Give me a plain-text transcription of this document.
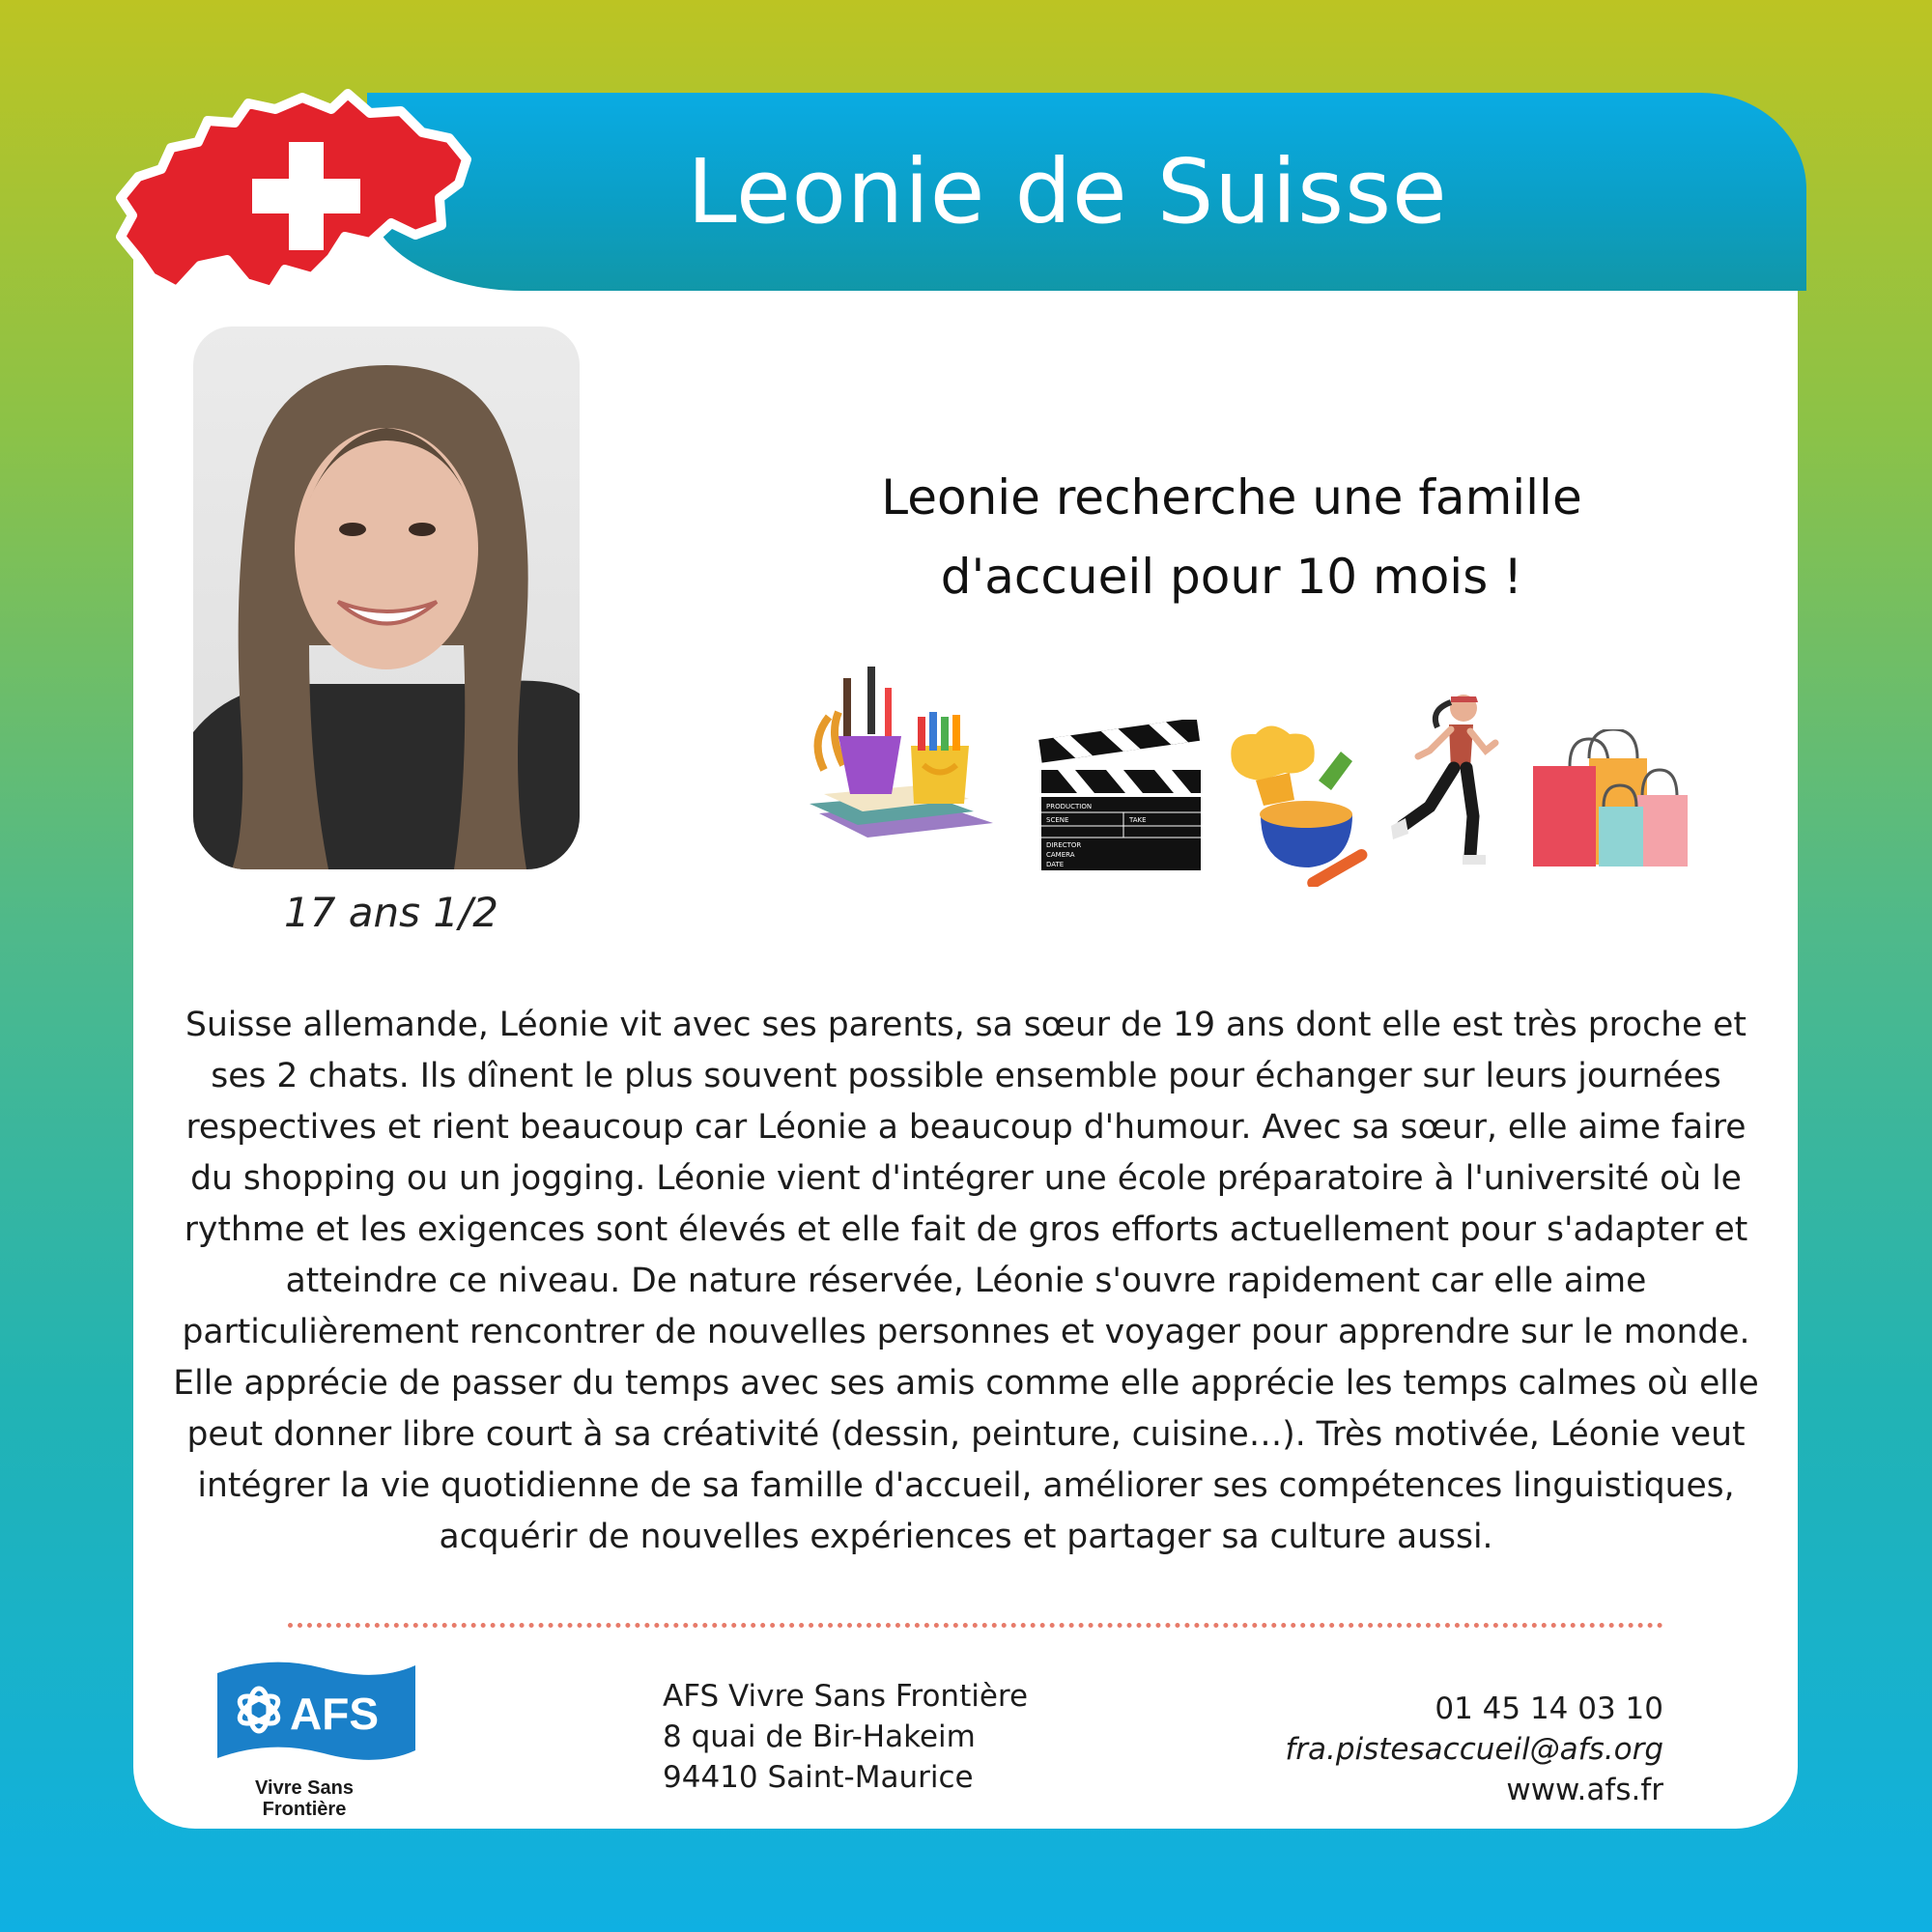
Leonie de Suisse
17 ans 1/2
Leonie recherche une famille
d'accueil pour 10 mois !
PRODUCTION
SCENE	TAKE
DIRECTOR
CAMERA
DATE
Suisse allemande, Léonie vit avec ses parents, sa sœur de 19 ans dont elle est très proche et ses 2 chats. Ils dînent le plus souvent possible ensemble pour échanger sur leurs journées respectives et rient beaucoup car Léonie a beaucoup d'humour. Avec sa sœur, elle aime faire du shopping ou un jogging. Léonie vient d'intégrer une école préparatoire à l'université où le rythme et les exigences sont élevés et elle fait de gros efforts actuellement pour s'adapter et atteindre ce niveau. De nature réservée, Léonie s'ouvre rapidement car elle aime particulièrement rencontrer de nouvelles personnes et voyager pour apprendre sur le monde. Elle apprécie de passer du temps avec ses amis comme elle apprécie les temps calmes où elle peut donner libre court à sa créativité (dessin, peinture, cuisine…). Très motivée, Léonie veut intégrer la vie quotidienne de sa famille d'accueil, améliorer ses compétences linguistiques, acquérir de nouvelles expériences et partager sa culture aussi.
AFS
Vivre Sans
Frontière
AFS Vivre Sans Frontière
8 quai de Bir-Hakeim
94410 Saint-Maurice
01 45 14 03 10
fra.pistesaccueil@afs.org
www.afs.fr
